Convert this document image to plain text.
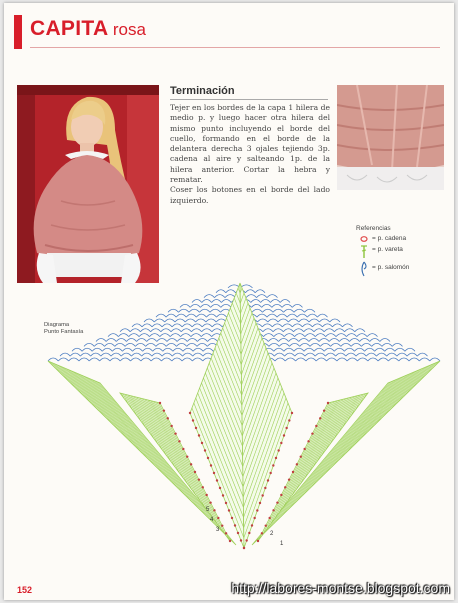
CAPITA rosa
Terminación
Tejer en los bordes de la capa 1 hilera de medio p. y luego hacer otra hilera del mismo punto incluyendo el borde del cuello, formando en el borde de la delantera derecha 3 ojales tejiendo 3p. cadena al aire y salteando 1p. de la hilera anterior. Cortar la hebra y rematar.
Coser los botones en el borde del lado izquierdo.
Referencias
= p. cadena
= p. vareta
= p. salomón
Diagrama
Punto Fantasía
1
2
3
4
5
152	http://labores-montse.blogspot.com
